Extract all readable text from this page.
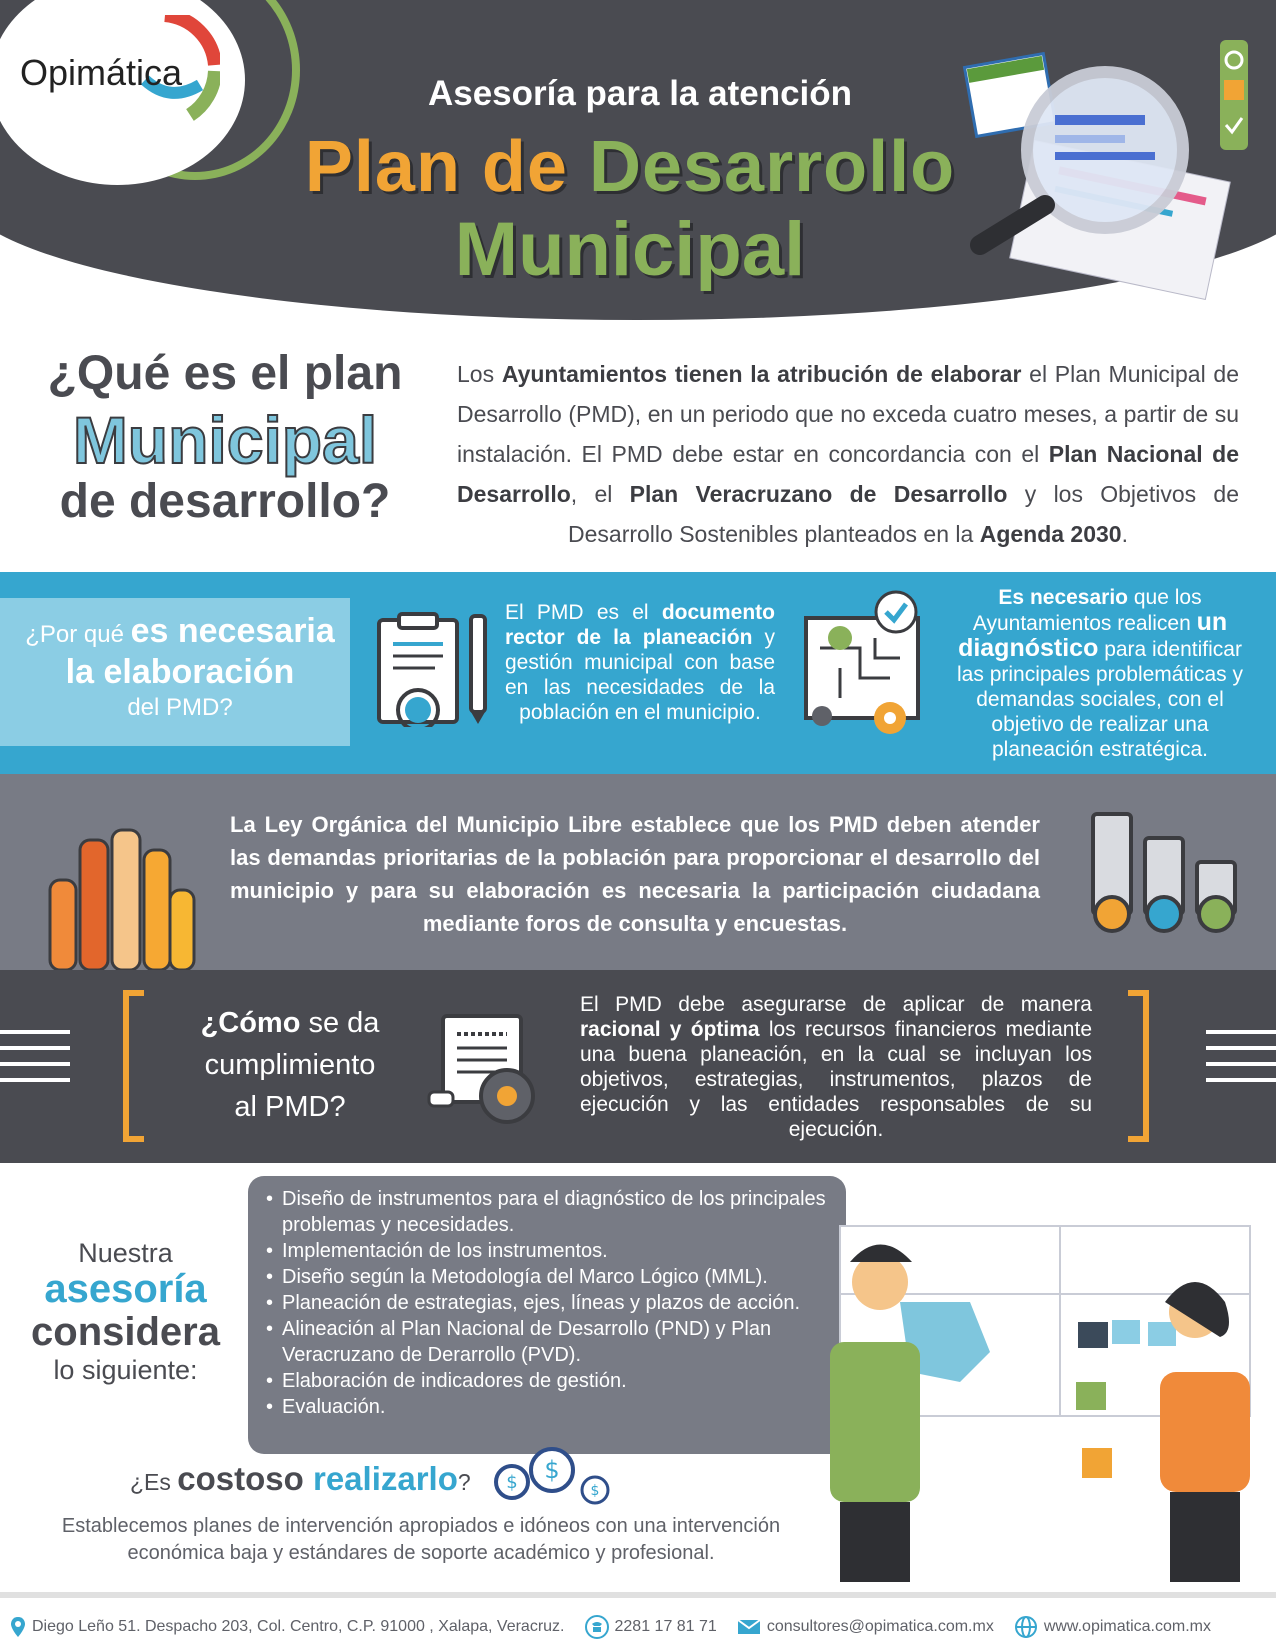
Opimática
Asesoría para la atención
Plan de Desarrollo
Municipal
¿Qué es el plan
Municipal
de desarrollo?
Los Ayuntamientos tienen la atribución de elaborar el Plan Municipal de Desarrollo (PMD), en un periodo que no exceda cuatro meses, a partir de su instalación. El PMD debe estar en concordancia con el Plan Nacional de Desarrollo, el Plan Veracruzano de Desarrollo y los Objetivos de Desarrollo Sostenibles planteados en la Agenda 2030.
¿Por qué es necesaria
la elaboración
del PMD?
El PMD es el documento rector de la planeación y gestión municipal con base en las necesidades de la población en el municipio.
Es necesario que los Ayuntamientos realicen un diagnóstico para identificar las principales problemáticas y demandas sociales, con el objetivo de realizar una planeación estratégica.
La Ley Orgánica del Municipio Libre establece que los PMD deben atender las demandas prioritarias de la población para proporcionar el desarrollo del municipio y para su elaboración es necesaria la participación ciudadana mediante foros de consulta y encuestas.
¿Cómo se da
cumplimiento
al PMD?
El PMD debe asegurarse de aplicar de manera racional y óptima los recursos financieros mediante una buena planeación, en la cual se incluyan los objetivos, estrategias, instrumentos, plazos de ejecución y las entidades responsables de su ejecución.
• Diseño de instrumentos para el diagnóstico de los principales problemas y necesidades.
• Implementación de los instrumentos.
• Diseño según la Metodología del Marco Lógico (MML).
• Planeación de estrategias, ejes, líneas y plazos de acción.
• Alineación al Plan Nacional de Desarrollo (PND) y Plan Veracruzano de Derarrollo (PVD).
• Elaboración de indicadores de gestión.
• Evaluación.
Nuestra
asesoría
considera
lo siguiente:
¿Es costoso realizarlo? $ $
$
Establecemos planes de intervención apropiados e idóneos con una intervención económica baja y estándares de soporte académico y profesional.
Diego Leño 51. Despacho 203, Col. Centro, C.P. 91000 , Xalapa, Veracruz.	2281 17 81 71	consultores@opimatica.com.mx	www.opimatica.com.mx
